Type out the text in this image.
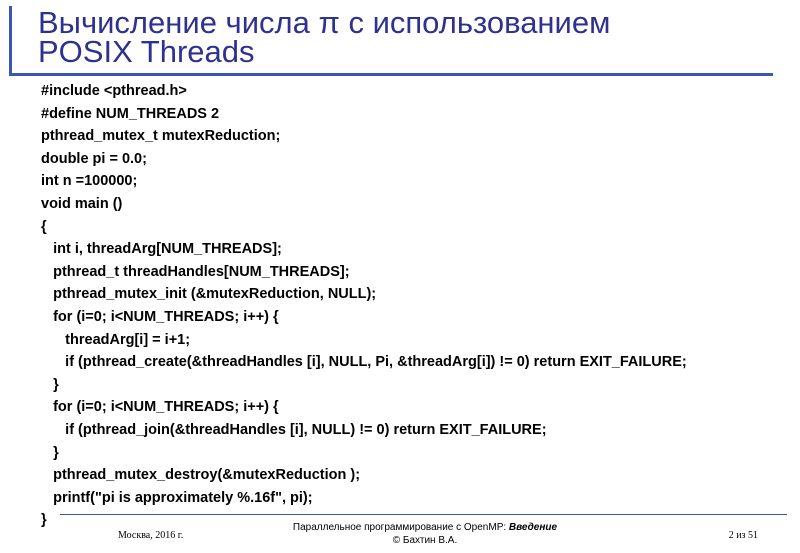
Вычисление числа π с использованием
POSIX Threads
#include <pthread.h>
#define NUM_THREADS 2
pthread_mutex_t mutexReduction;
double pi = 0.0;
int n =100000;
void main ()
{
int i, threadArg[NUM_THREADS];
pthread_t threadHandles[NUM_THREADS];
pthread_mutex_init (&mutexReduction, NULL);
for (i=0; i<NUM_THREADS; i++) {
threadArg[i] = i+1;
if (pthread_create(&threadHandles [i], NULL, Pi, &threadArg[i]) != 0) return EXIT_FAILURE;
}
for (i=0; i<NUM_THREADS; i++) {
if (pthread_join(&threadHandles [i], NULL) != 0) return EXIT_FAILURE;
}
pthread_mutex_destroy(&mutexReduction );
printf("pi is approximately %.16f", pi);
}
Москва, 2016 г.
Параллельное программирование с OpenMP: Введение
© Бахтин В.А.	2 из 51
